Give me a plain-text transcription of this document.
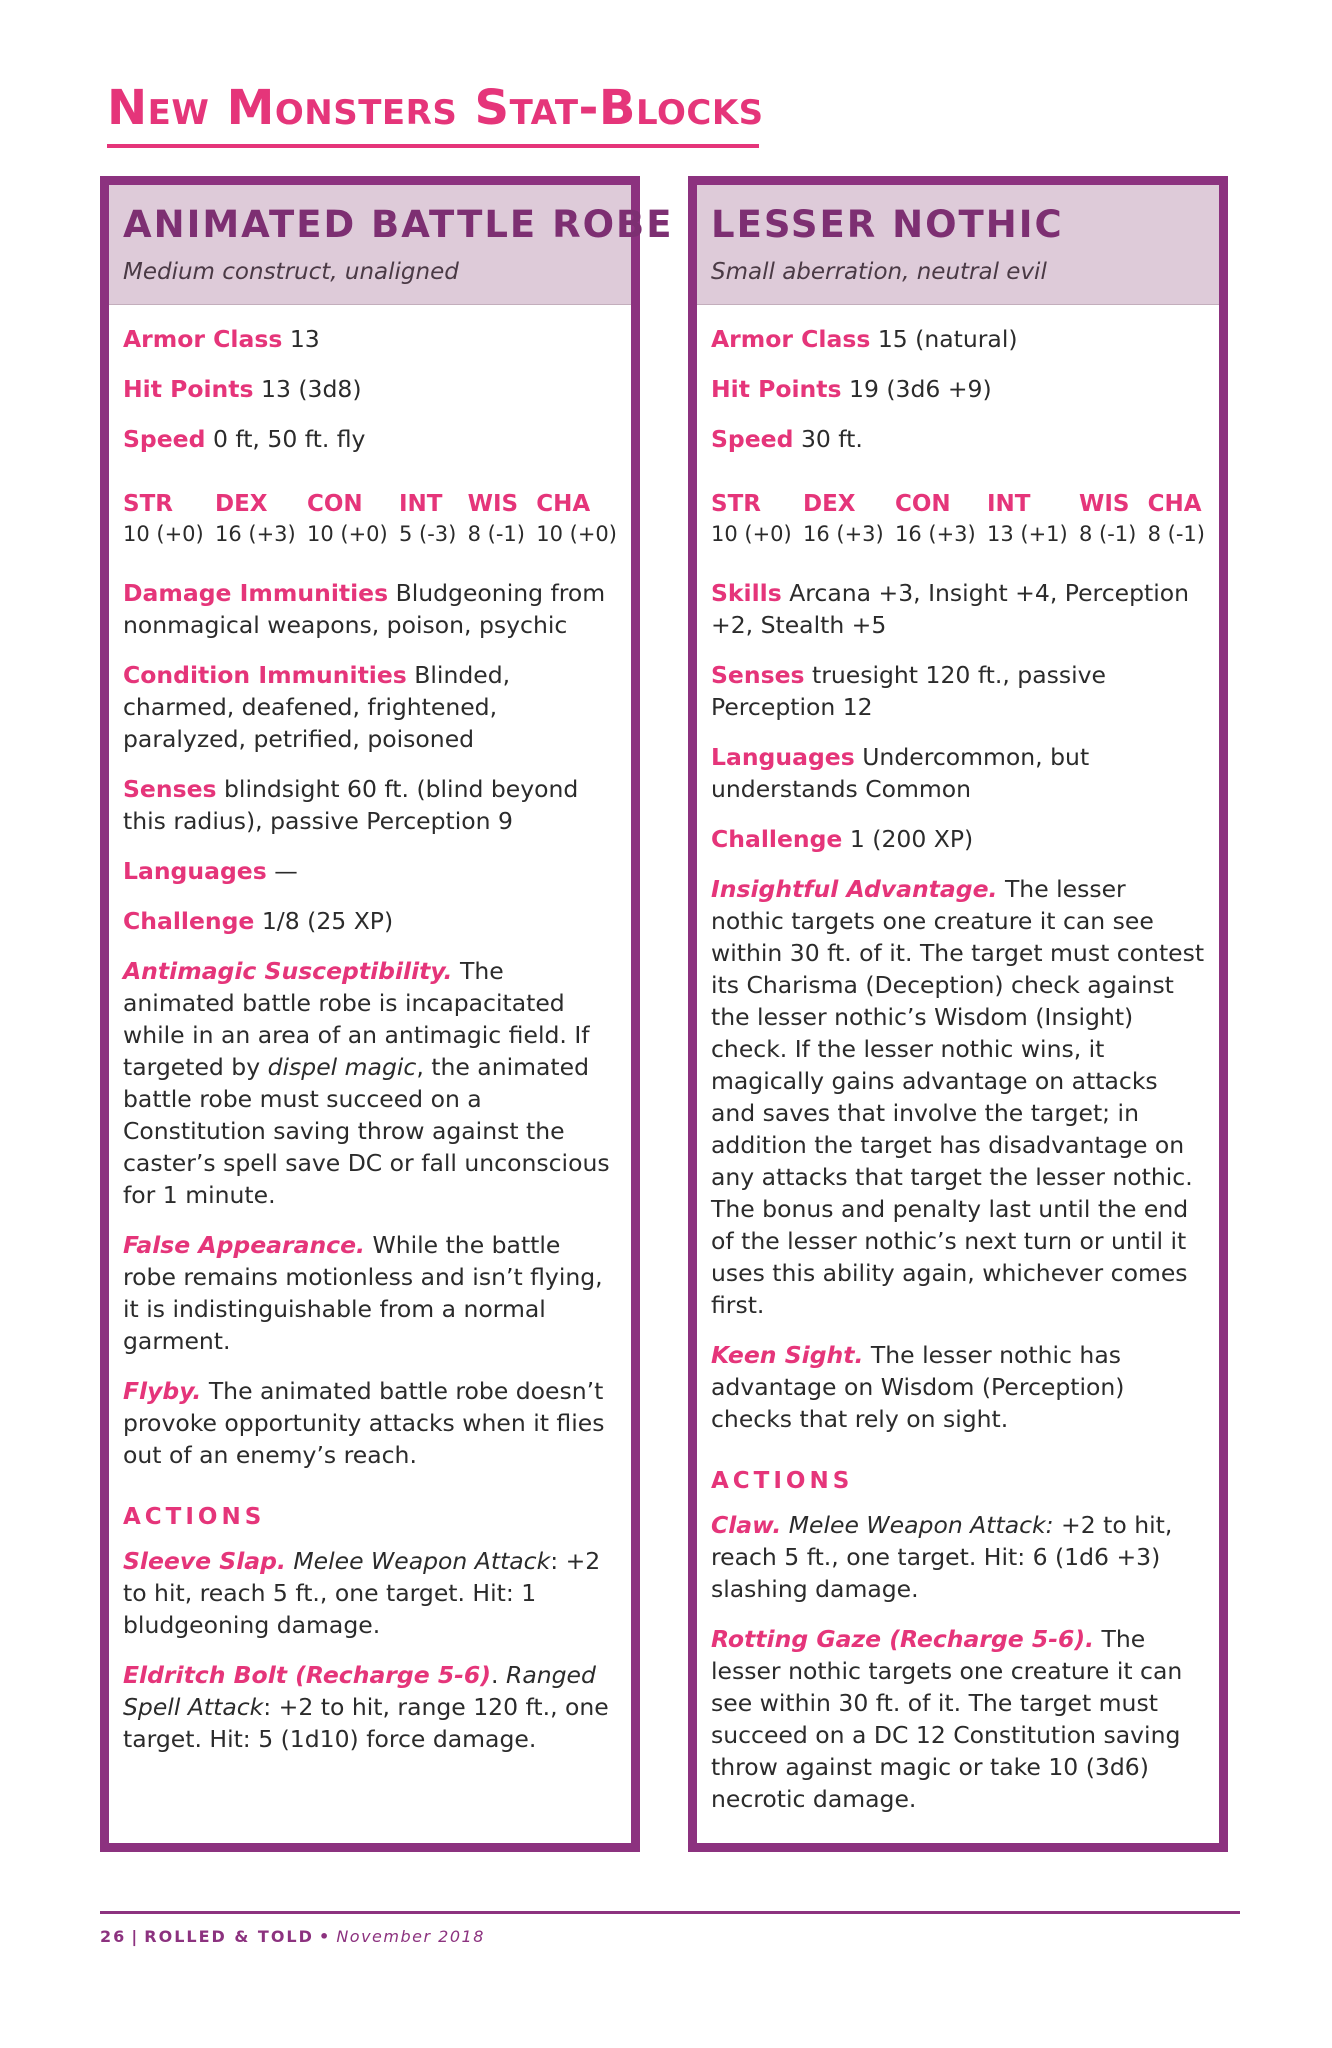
New Monsters Stat-Blocks
ANIMATED BATTLE ROBE
Medium construct, unaligned
Armor Class 13
Hit Points 13 (3d8)
Speed 0 ft, 50 ft. fly
STR
10 (+0)
DEX
16 (+3)
CON
10 (+0)
INT
5 (-3)
WIS
8 (-1)
CHA
10 (+0)
Damage Immunities Bludgeoning from nonmagical weapons, poison, psychic
Condition Immunities Blinded, charmed, deafened, frightened, paralyzed, petrified, poisoned
Senses blindsight 60 ft. (blind beyond this radius), passive Perception 9
Languages —
Challenge 1/8 (25 XP)
Antimagic Susceptibility. The animated battle robe is incapacitated while in an area of an antimagic field. If targeted by dispel magic, the animated battle robe must succeed on a Constitution saving throw against the caster’s spell save DC or fall unconscious for 1 minute.
False Appearance. While the battle robe remains motionless and isn’t flying, it is indistinguishable from a normal garment.
Flyby. The animated battle robe doesn’t provoke opportunity attacks when it flies out of an enemy’s reach.
ACTIONS
Sleeve Slap. Melee Weapon Attack: +2 to hit, reach 5 ft., one target. Hit: 1 bludgeoning damage.
Eldritch Bolt (Recharge 5-6). Ranged Spell Attack: +2 to hit, range 120 ft., one target. Hit: 5 (1d10) force damage.
LESSER NOTHIC
Small aberration, neutral evil
Armor Class 15 (natural)
Hit Points 19 (3d6 +9)
Speed 30 ft.
STR
10 (+0)
DEX
16 (+3)
CON
16 (+3)
INT
13 (+1)
WIS
8 (-1)
CHA
8 (-1)
Skills Arcana +3, Insight +4, Perception +2, Stealth +5
Senses truesight 120 ft., passive Perception 12
Languages Undercommon, but understands Common
Challenge 1 (200 XP)
Insightful Advantage. The lesser nothic targets one creature it can see within 30 ft. of it. The target must contest its Charisma (Deception) check against the lesser nothic’s Wisdom (Insight) check. If the lesser nothic wins, it magically gains advantage on attacks and saves that involve the target; in addition the target has disadvantage on any attacks that target the lesser nothic. The bonus and penalty last until the end of the lesser nothic’s next turn or until it uses this ability again, whichever comes first.
Keen Sight. The lesser nothic has advantage on Wisdom (Perception) checks that rely on sight.
ACTIONS
Claw. Melee Weapon Attack: +2 to hit, reach 5 ft., one target. Hit: 6 (1d6 +3) slashing damage.
Rotting Gaze (Recharge 5-6). The lesser nothic targets one creature it can see within 30 ft. of it. The target must succeed on a DC 12 Constitution saving throw against magic or take 10 (3d6) necrotic damage.
26 | ROLLED & TOLD • November 2018
